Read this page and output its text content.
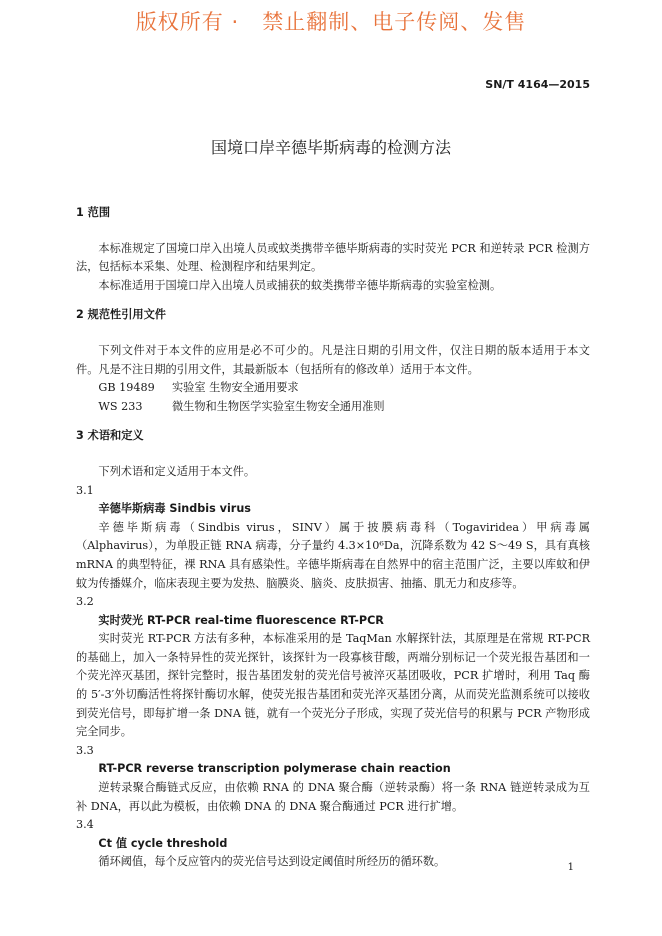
版权所有 ·   禁止翻制、电子传阅、发售
SN/T 4164—2015
国境口岸辛德毕斯病毒的检测方法

1 范围

本标准规定了国境口岸入出境人员或蚊类携带辛德毕斯病毒的实时荧光 PCR 和逆转录 PCR 检测方法，包括标本采集、处理、检测程序和结果判定。

本标准适用于国境口岸入出境人员或捕获的蚊类携带辛德毕斯病毒的实验室检测。

2 规范性引用文件

下列文件对于本文件的应用是必不可少的。凡是注日期的引用文件，仅注日期的版本适用于本文件。凡是不注日期的引用文件，其最新版本（包括所有的修改单）适用于本文件。

GB 19489 实验室 生物安全通用要求

WS 233	微生物和生物医学实验室生物安全通用准则

3 术语和定义

下列术语和定义适用于本文件。

3.1

辛德毕斯病毒 Sindbis virus

辛德毕斯病毒（Sindbis virus，SINV）属于披膜病毒科（Togaviridea）甲病毒属（Alphavirus），为单股正链 RNA 病毒，分子量约 4.3×10⁶Da，沉降系数为 42 S～49 S，具有真核 mRNA 的典型特征，裸 RNA 具有感染性。辛德毕斯病毒在自然界中的宿主范围广泛，主要以库蚊和伊蚊为传播媒介，临床表现主要为发热、脑膜炎、脑炎、皮肤损害、抽搐、肌无力和皮疹等。

3.2

实时荧光 RT-PCR real-time fluorescence RT-PCR

实时荧光 RT-PCR 方法有多种，本标准采用的是 TaqMan 水解探针法，其原理是在常规 RT-PCR 的基础上，加入一条特异性的荧光探针，该探针为一段寡核苷酸，两端分别标记一个荧光报告基团和一个荧光淬灭基团，探针完整时，报告基团发射的荧光信号被淬灭基团吸收，PCR 扩增时，利用 Taq 酶的 5′-3′外切酶活性将探针酶切水解，使荧光报告基团和荧光淬灭基团分离，从而荧光监测系统可以接收到荧光信号，即每扩增一条 DNA 链，就有一个荧光分子形成，实现了荧光信号的积累与 PCR 产物形成完全同步。

3.3

RT-PCR reverse transcription polymerase chain reaction

逆转录聚合酶链式反应，由依赖 RNA 的 DNA 聚合酶（逆转录酶）将一条 RNA 链逆转录成为互补 DNA，再以此为模板，由依赖 DNA 的 DNA 聚合酶通过 PCR 进行扩增。

3.4

Ct 值 cycle threshold

循环阈值，每个反应管内的荧光信号达到设定阈值时所经历的循环数。	1
